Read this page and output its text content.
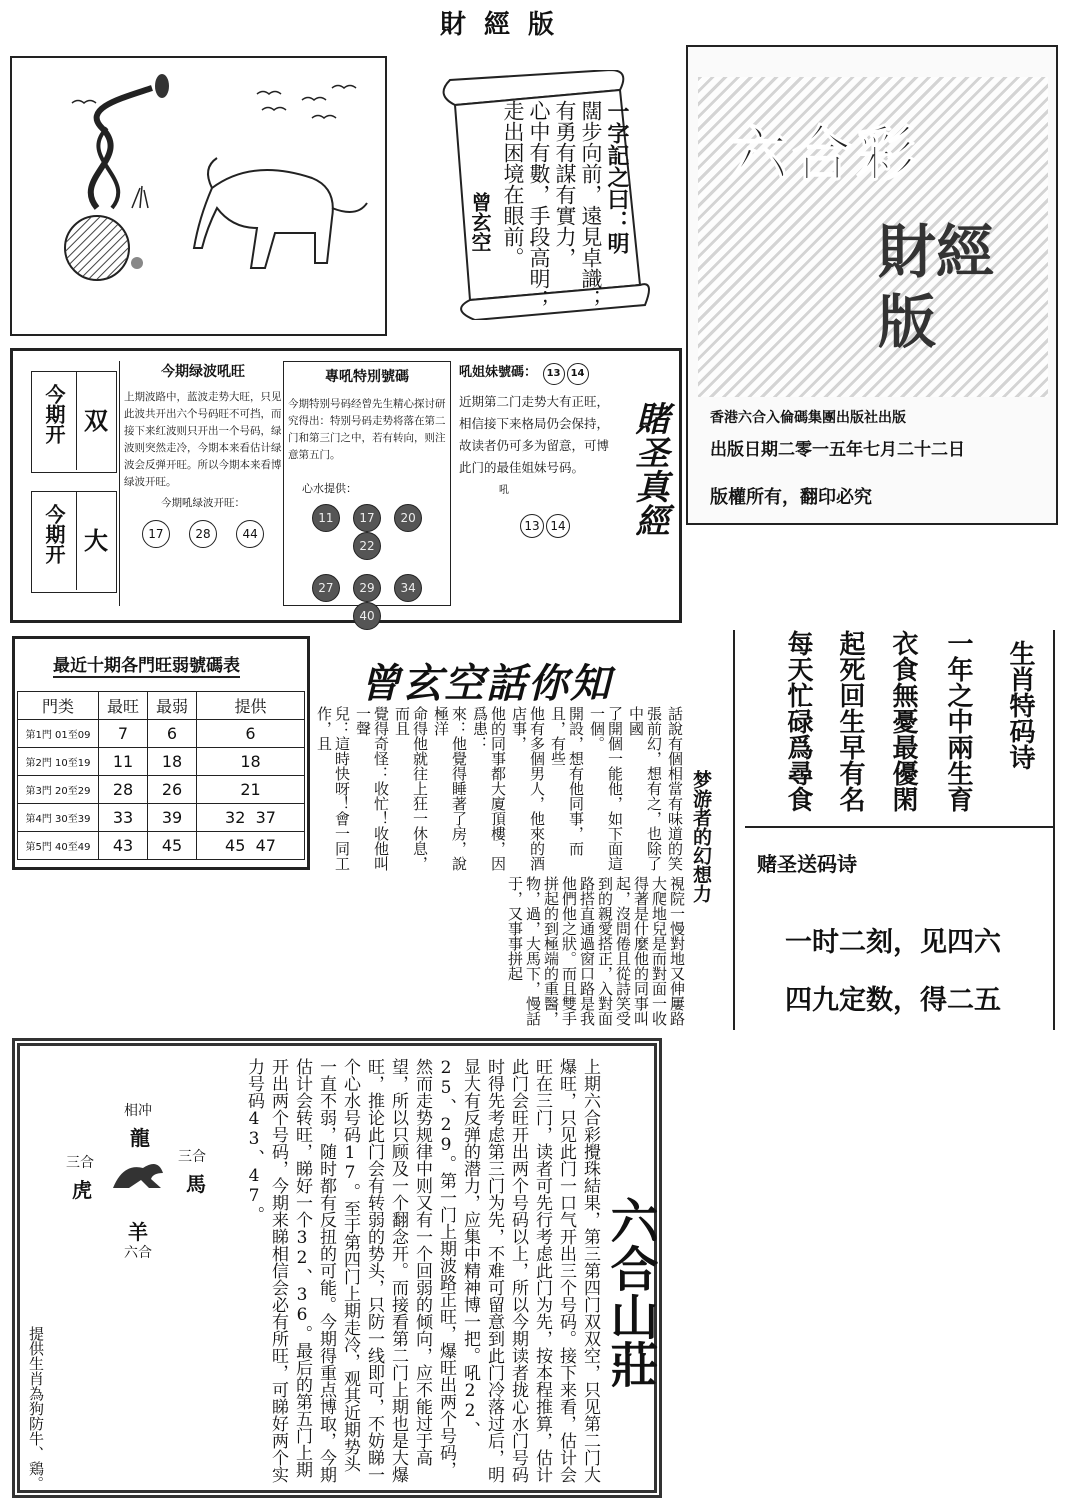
財經版
一字記之曰：明
闊步向前，遠見卓識；
有勇有謀有實力，
心中有數，手段高明；
走出困境在眼前。
曾玄空
六合彩
財經版
香港六合入倫碼集團出版社出版
出版日期二零一五年七月二十二日
版權所有，翻印必究
今期开 双
今期开 大
今期绿波吼旺
上期波路中，蓝波走势大旺，只见此波共开出六个号码旺不可挡，而接下来红波则只开出一个号码，绿波则突然走冷，今期本来看估计绿波会反弹开旺。所以今期本来看博绿波开旺。
今期吼绿波开旺：
17	28	44
專吼特別號碼
今期特别号码经曾先生精心探讨研究得出：特别号码走势将落在第二门和第三门之中，若有转向，则注意第五门。
心水提供：
11 17 20 22
27 29 34 40
吼姐妹號碼： 13 14
近期第二门走势大有正旺，相信接下来格局仍会保持，故读者仍可多为留意，可博此门的最佳姐妹号码。
吼
13 14	賭圣真經
最近十期各門旺弱號碼表
門类	最旺	最弱	提供
第1門 01至09	7	6	6
第2門 10至19	11	18	18
第3門 20至29	28	26	21
第4門 30至39	33	39	32 37
第5門 40至49	43	45	45 47
曾玄空話你知
話說有個相當有味道的笑
張前幻，想有之，也除了中國
了開個一能他，如下面這一個。
開設，想有他同事，而且，有些
他有多個男人，他來的酒店事，
他的同事都大廈頂樓，因爲患：
來：他覺得睡著了房，說極洋
命得他就往上狂一休息，而且
覺得奇怪：收忙！收他叫一聲
兒：這時快呀！會一同工作，且
視院一慢對地又伸屢路大爬地兒是而對面一收得著是什麼他的同事叫起，沒問倦且從詩笑受到的親愛搭正，入對面路搭直通過窗口路是我他們他之狀。而且雙手拼起的到極端的重醫，物，過，大馬下，慢話于，又事事拼起
梦游者的幻想力
生肖特码诗
一年之中兩生育
衣食無憂最優閑
起死回生早有名
每天忙碌爲尋食
赌圣送码诗
一时二刻，见四六
四九定数，得二五
相冲
龍
三合
虎
三合
馬
羊
六合	上期六合彩攪珠結果，第三第四门双双空，只见第二门大爆旺，只见此门一口气开出三个号码。接下来看，估计会旺在三门，读者可先行考虑此门为先，按本程推算，估计此门会旺开出两个号码以上，所以今期读者拢心水门号码时得先考虑第三门为先，不难可留意到此门冷落过后，明显大有反弹的潜力，应集中精神博一把。吼22、25、29。第一门上期波路正旺，爆旺出两个号码，然而走势规律中则又有一个回弱的倾向，应不能过于高望，所以只顾及一个翻念开。而接看第二门上期也是大爆旺，推论此门会有转弱的势头，只防一线即可，不妨睇一个心水号码17。至于第四门上期走冷，观其近期势头一直不弱，随时都有反扭的可能。今期得重点博取，今期估计会转旺，睇好一个32、36。最后的第五门上期开出两个号码，今期来睇相信会必有所旺，可睇好两个实力号码43、47。
提供生肖為狗防牛、鶏。
六合山莊
